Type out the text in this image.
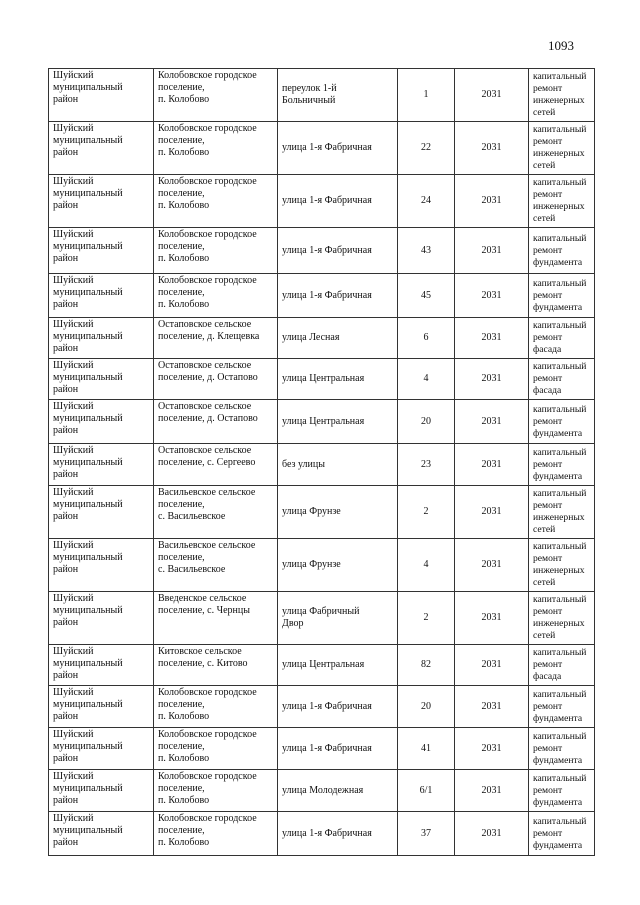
1093
Шуйский
муниципальный
район	Колобовское городское
поселение,
п. Колобово	переулок 1-й
Больничный	1	2031	капитальный
ремонт
инженерных
сетей

Шуйский
муниципальный
район	Колобовское городское
поселение,
п. Колобово	улица 1-я Фабричная	22	2031	капитальный
ремонт
инженерных
сетей

Шуйский
муниципальный
район	Колобовское городское
поселение,
п. Колобово	улица 1-я Фабричная	24	2031	капитальный
ремонт
инженерных
сетей

Шуйский
муниципальный
район	Колобовское городское
поселение,
п. Колобово	улица 1-я Фабричная	43	2031	капитальный
ремонт
фундамента

Шуйский
муниципальный
район	Колобовское городское
поселение,
п. Колобово	улица 1-я Фабричная	45	2031	капитальный
ремонт
фундамента

Шуйский
муниципальный
район	Остаповское сельское
поселение, д. Клещевка	улица Лесная	6	2031	капитальный
ремонт фасада

Шуйский
муниципальный
район	Остаповское сельское
поселение, д. Остапово	улица Центральная	4	2031	капитальный
ремонт фасада

Шуйский
муниципальный
район	Остаповское сельское
поселение, д. Остапово	улица Центральная	20	2031	капитальный
ремонт
фундамента

Шуйский
муниципальный
район	Остаповское сельское
поселение, с. Сергеево	без улицы	23	2031	капитальный
ремонт
фундамента

Шуйский
муниципальный
район	Васильевское сельское
поселение,
с. Васильевское	улица Фрунзе	2	2031	капитальный
ремонт
инженерных
сетей

Шуйский
муниципальный
район	Васильевское сельское
поселение,
с. Васильевское	улица Фрунзе	4	2031	капитальный
ремонт
инженерных
сетей

Шуйский
муниципальный
район	Введенское сельское
поселение, с. Чернцы	улица Фабричный
Двор	2	2031	капитальный
ремонт
инженерных
сетей

Шуйский
муниципальный
район	Китовское сельское
поселение, с. Китово	улица Центральная	82	2031	капитальный
ремонт фасада

Шуйский
муниципальный
район	Колобовское городское
поселение,
п. Колобово	улица 1-я Фабричная	20	2031	капитальный
ремонт
фундамента

Шуйский
муниципальный
район	Колобовское городское
поселение,
п. Колобово	улица 1-я Фабричная	41	2031	капитальный
ремонт
фундамента

Шуйский
муниципальный
район	Колобовское городское
поселение,
п. Колобово	улица Молодежная	6/1	2031	капитальный
ремонт
фундамента

Шуйский
муниципальный
район	Колобовское городское
поселение,
п. Колобово	улица 1-я Фабричная	37	2031	капитальный
ремонт
фундамента
